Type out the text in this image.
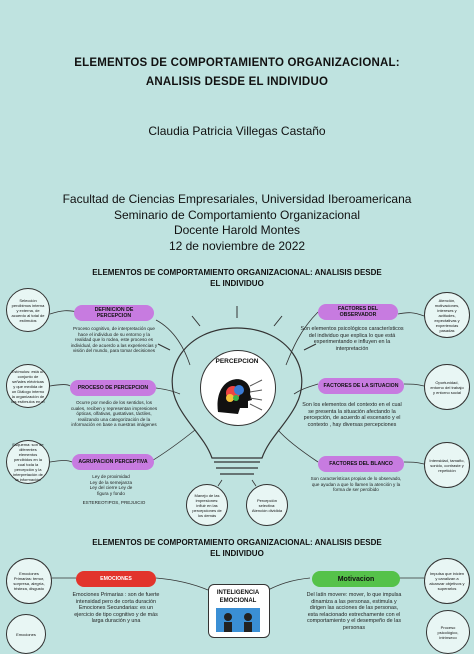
ELEMENTOS DE COMPORTAMIENTO ORGANIZACIONAL:
ANALISIS DESDE EL INDIVIDUO
Claudia Patricia Villegas Castaño
Facultad de Ciencias Empresariales, Universidad Iberoamericana
Seminario de Comportamiento Organizacional
Docente Harold Montes
12 de noviembre de 2022
ELEMENTOS DE COMPORTAMIENTO ORGANIZACIONAL: ANALISIS DESDE
EL INDIVIDUO
PERCEPCION
Selección percibimos interna y externa, de acuerdo al total de estímulos
DEFINICION DE PERCEPCION
Proceso cognitivo, de interpretación que hace el individuo de su entorno y la realidad que lo rodea, este proceso es individual, de acuerdo a las experiencias y visión del mundo, para tomar decisiones
Estímulos: está un conjunto de señales eléctricas y que medida de un Diálogo interno la organización de los estímulos en el
PROCESO DE PERCEPCION
Ocurre por medio de los sentidos, los cuales, reciben y representan impresiones ópticas, olfativas, gustativas, táctiles, realizando una categorización de la información en base a nuestras imágenes
Esquema: son de diferentes elementos percibidos en la cual toda la percepción y la interpretación de la información
AGRUPACION PERCEPTIVA
Ley de proximidad Ley de la semejanza Ley del cierre Ley de figura y fondo
ESTEREOTIPOS, PREJUICIO
FACTORES DEL OBSERVADOR
Son elementos psicológicos característicos del individuo que explica lo que está experimentando e influyen en la interpretación
Atención, motivaciones, intereses y actitudes, expectativas y experiencias pasadas
FACTORES DE LA SITUACION
Son los elementos del contexto en el cual se presenta la situación afectando la percepción, de acuerdo al escenario y el contexto , hay diversas percepciones
Oportunidad, entorno del trabajo y entorno social
FACTORES DEL BLANCO
Son características propias de lo observado, que ayudan a que lo llamen la atención y la forma de ser percibido
Intensidad, tamaño, sonido, contraste y repetición
Manejo de las impresiones: influir en las percepciones de los demás
Percepción selectiva: Atención dividida
ELEMENTOS DE COMPORTAMIENTO ORGANIZACIONAL: ANALISIS DESDE
EL INDIVIDUO
Emociones Primarias: temor, sorpresa, alegría, tristeza, disgusto
Emociones
EMOCIONES
Emociones Primarias : son de fuerte intensidad pero de corta duración Emociones Secundarias: es un ejercicio de tipo cognitivo y de más larga duración y una
INTELIGENCIA
EMOCIONAL
Motivacion
Del latín movere: mover, lo que impulsa dinamiza a las personas, estimula y dirigen las acciones de las personas, esta relacionado estrechamente con el comportamiento y el desempeño de las personas
Impulsa que inicien y canalizan a alcanzar objetivos y superarlos
Proceso psicológico, intrínseco
